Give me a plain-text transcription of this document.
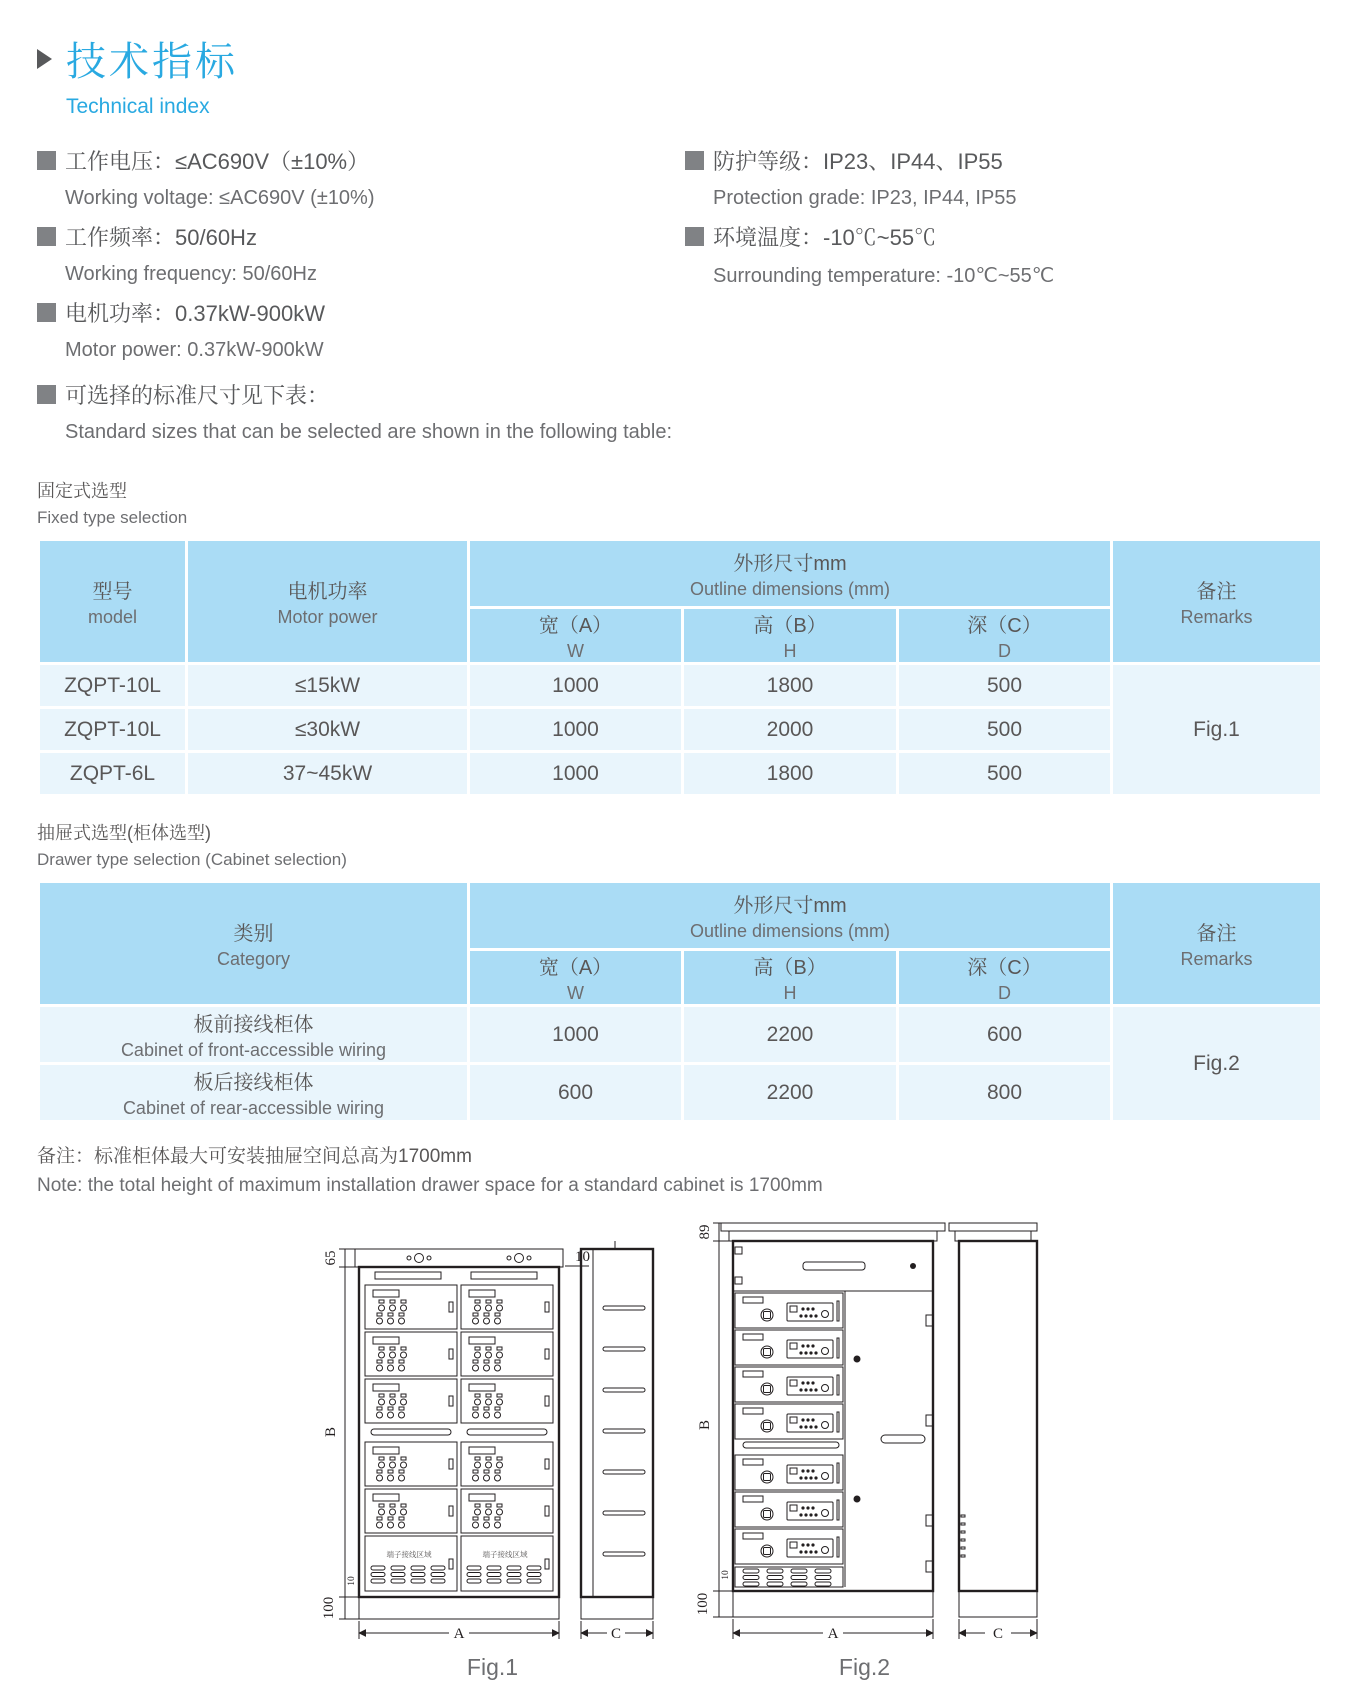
技术指标
Technical index
工作电压：≤AC690V（±10%）
Working voltage: ≤AC690V (±10%)
工作频率：50/60Hz
Working frequency: 50/60Hz
电机功率：0.37kW-900kW
Motor power: 0.37kW-900kW
防护等级：IP23、IP44、IP55
Protection grade: IP23, IP44, IP55
环境温度：-10℃~55℃
Surrounding temperature: -10℃~55℃
可选择的标准尺寸见下表：
Standard sizes that can be selected are shown in the following table:
固定式选型
Fixed type selection
型号
model	电机功率
Motor power	外形尺寸mm
Outline dimensions (mm)			备注
Remarks

		宽（A）
W	高（B）
H	深（C）
D	

ZQPT-10L	≤15kW	1000	1800	500	Fig.1
ZQPT-10L	≤30kW	1000	2000	500	
ZQPT-6L	37~45kW	1000	1800	500	
抽屉式选型(柜体选型)
Drawer type selection (Cabinet selection)
类别
Category	外形尺寸mm
Outline dimensions (mm)			备注
Remarks

	宽（A）
W	高（B）
H	深（C）
D	

板前接线柜体
Cabinet of front-accessible wiring	1000	2200	600	Fig.2

板后接线柜体
Cabinet of rear-accessible wiring	600	2200	800	
备注：标准柜体最大可安装抽屉空间总高为1700mm
Note: the total height of maximum installation drawer space for a standard cabinet is 1700mm
端子接线区域	端子接线区域
65
B
10
100
10
A	C
Fig.1
89
B
10
100
A	C
Fig.2
